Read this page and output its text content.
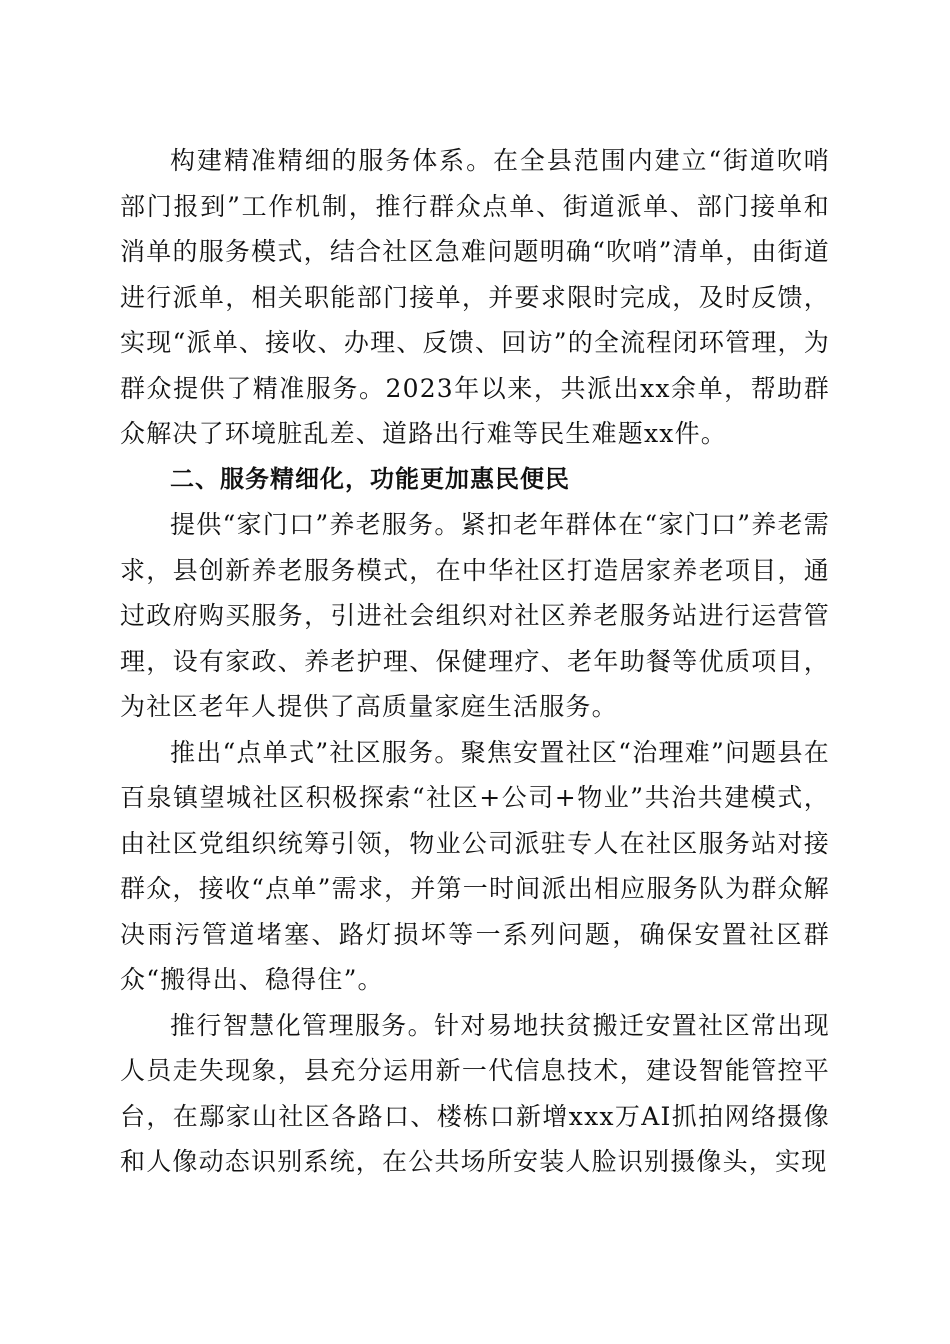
构建精准精细的服务体系。在全县范围内建立“街道吹哨部门报到”工作机制，推行群众点单、街道派单、部门接单和消单的服务模式，结合社区急难问题明确“吹哨”清单，由街道进行派单，相关职能部门接单，并要求限时完成，及时反馈，实现“派单、接收、办理、反馈、回访”的全流程闭环管理，为群众提供了精准服务。2023年以来，共派出xx余单，帮助群众解决了环境脏乱差、道路出行难等民生难题xx件。

二、服务精细化，功能更加惠民便民

提供“家门口”养老服务。紧扣老年群体在“家门口”养老需求，县创新养老服务模式，在中华社区打造居家养老项目，通过政府购买服务，引进社会组织对社区养老服务站进行运营管理，设有家政、养老护理、保健理疗、老年助餐等优质项目，为社区老年人提供了高质量家庭生活服务。

推出“点单式”社区服务。聚焦安置社区“治理难”问题县在百泉镇望城社区积极探索“社区+公司+物业”共治共建模式，由社区党组织统筹引领，物业公司派驻专人在社区服务站对接群众，接收“点单”需求，并第一时间派出相应服务队为群众解决雨污管道堵塞、路灯损坏等一系列问题，确保安置社区群众“搬得出、稳得住”。

推行智慧化管理服务。针对易地扶贫搬迁安置社区常出现人员走失现象，县充分运用新一代信息技术，建设智能管控平台，在鄢家山社区各路口、楼栋口新增xxx万AI抓拍网络摄像和人像动态识别系统，在公共场所安装人脸识别摄像头，实现
